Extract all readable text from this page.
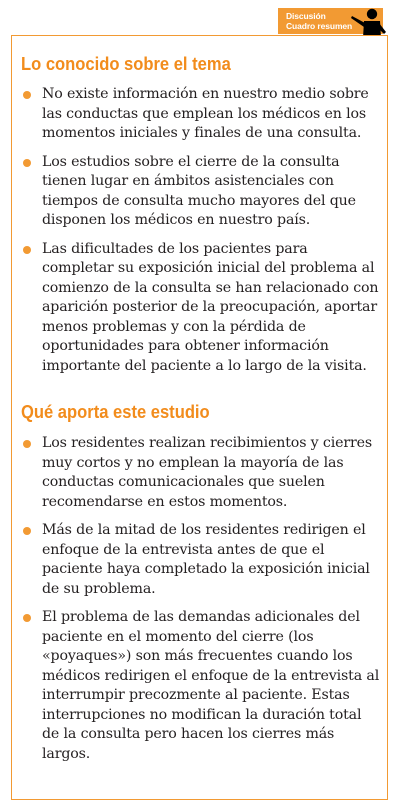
Discusión
Cuadro resumen
Lo conocido sobre el tema
No existe información en nuestro medio sobre las conductas que emplean los médicos en los momentos iniciales y finales de una consulta.
Los estudios sobre el cierre de la consulta tienen lugar en ámbitos asistenciales con tiempos de consulta mucho mayores del que disponen los médicos en nuestro país.
Las dificultades de los pacientes para completar su exposición inicial del problema al comienzo de la consulta se han relacionado con aparición posterior de la preocupación, aportar menos problemas y con la pérdida de oportunidades para obtener información importante del paciente a lo largo de la visita.
Qué aporta este estudio
Los residentes realizan recibimientos y cierres muy cortos y no emplean la mayoría de las conductas comunicacionales que suelen recomendarse en estos momentos.
Más de la mitad de los residentes redirigen el enfoque de la entrevista antes de que el paciente haya completado la exposición inicial de su problema.
El problema de las demandas adicionales del paciente en el momento del cierre (los «poyaques») son más frecuentes cuando los médicos redirigen el enfoque de la entrevista al interrumpir precozmente al paciente. Estas interrupciones no modifican la duración total de la consulta pero hacen los cierres más largos.
